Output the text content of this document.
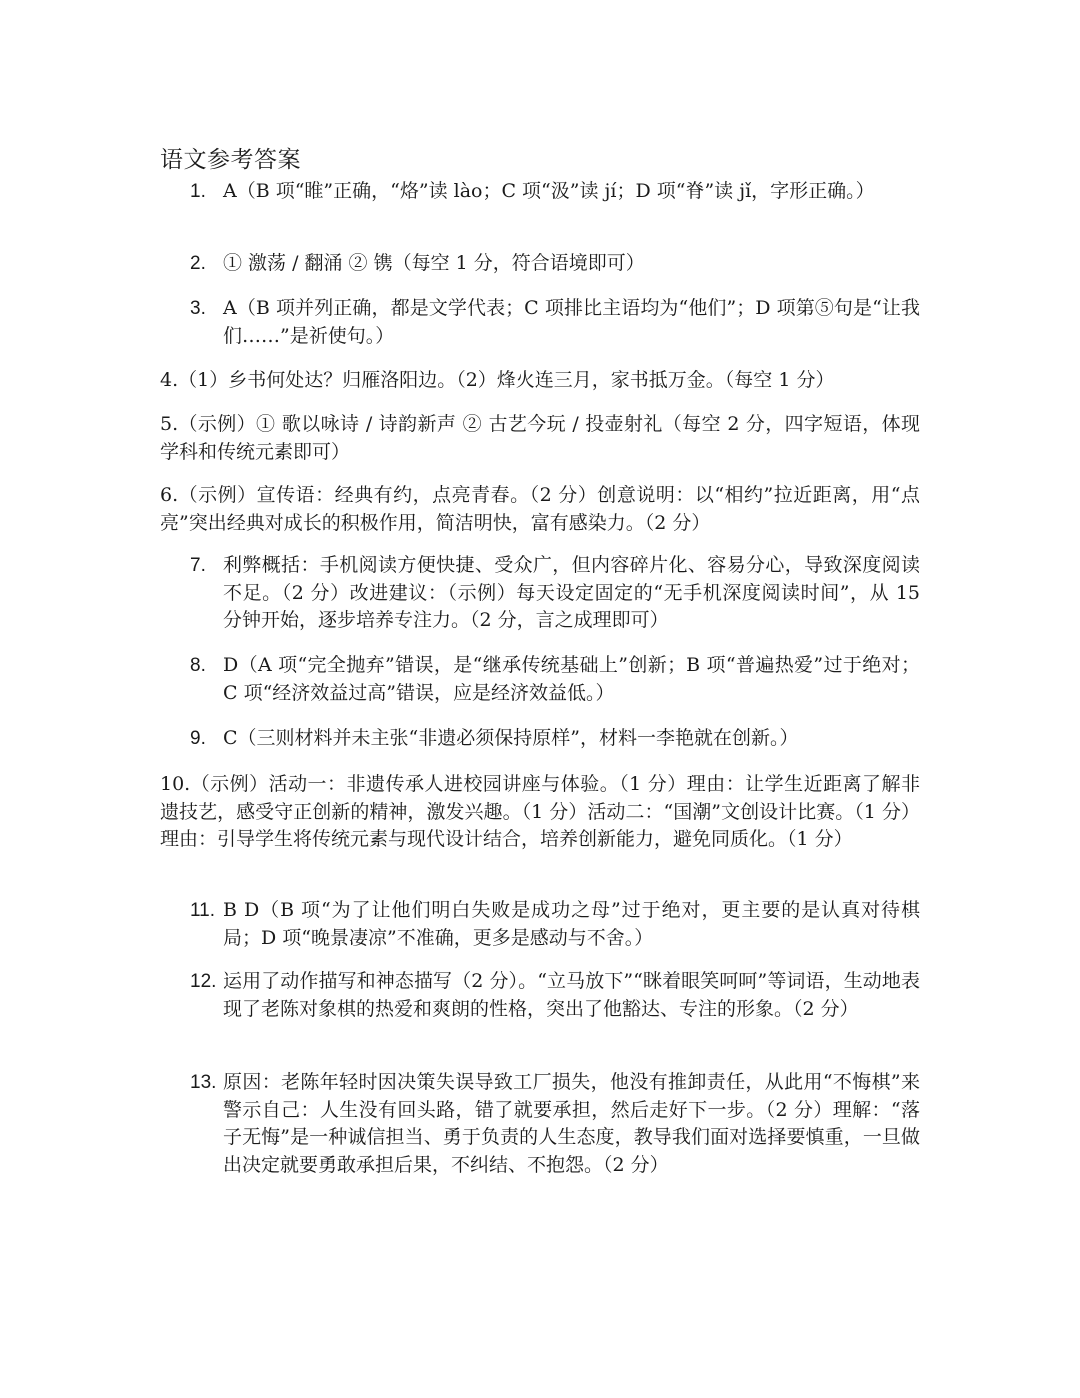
语文参考答案
1. A（B 项“睢”正确，“烙”读 lào；C 项“汲”读 jí；D 项“脊”读 jǐ，字形正确。）
2. ① 激荡 / 翻涌 ② 镌（每空 1 分，符合语境即可）
3. A（B 项并列正确，都是文学代表；C 项排比主语均为“他们”；D 项第⑤句是“让我们……”是祈使句。）
4.（1）乡书何处达？归雁洛阳边。（2）烽火连三月，家书抵万金。（每空 1 分）
5.（示例）① 歌以咏诗 / 诗韵新声 ② 古艺今玩 / 投壶射礼（每空 2 分，四字短语，体现学科和传统元素即可）
6.（示例）宣传语：经典有约，点亮青春。（2 分）创意说明：以“相约”拉近距离，用“点亮”突出经典对成长的积极作用，简洁明快，富有感染力。（2 分）
7. 利弊概括：手机阅读方便快捷、受众广，但内容碎片化、容易分心，导致深度阅读不足。（2 分）改进建议：（示例）每天设定固定的“无手机深度阅读时间”，从 15 分钟开始，逐步培养专注力。（2 分，言之成理即可）
8. D（A 项“完全抛弃”错误，是“继承传统基础上”创新；B 项“普遍热爱”过于绝对；C 项“经济效益过高”错误，应是经济效益低。）
9. C（三则材料并未主张“非遗必须保持原样”，材料一李艳就在创新。）
10.（示例）活动一：非遗传承人进校园讲座与体验。（1 分）理由：让学生近距离了解非遗技艺，感受守正创新的精神，激发兴趣。（1 分）活动二：“国潮”文创设计比赛。（1 分）理由：引导学生将传统元素与现代设计结合，培养创新能力，避免同质化。（1 分）
11. B D（B 项“为了让他们明白失败是成功之母”过于绝对，更主要的是认真对待棋局；D 项“晚景凄凉”不准确，更多是感动与不舍。）
12. 运用了动作描写和神态描写（2 分）。“立马放下”“眯着眼笑呵呵”等词语，生动地表现了老陈对象棋的热爱和爽朗的性格，突出了他豁达、专注的形象。（2 分）
13. 原因：老陈年轻时因决策失误导致工厂损失，他没有推卸责任，从此用“不悔棋”来警示自己：人生没有回头路，错了就要承担，然后走好下一步。（2 分）理解：“落子无悔”是一种诚信担当、勇于负责的人生态度，教导我们面对选择要慎重，一旦做出决定就要勇敢承担后果，不纠结、不抱怨。（2 分）
